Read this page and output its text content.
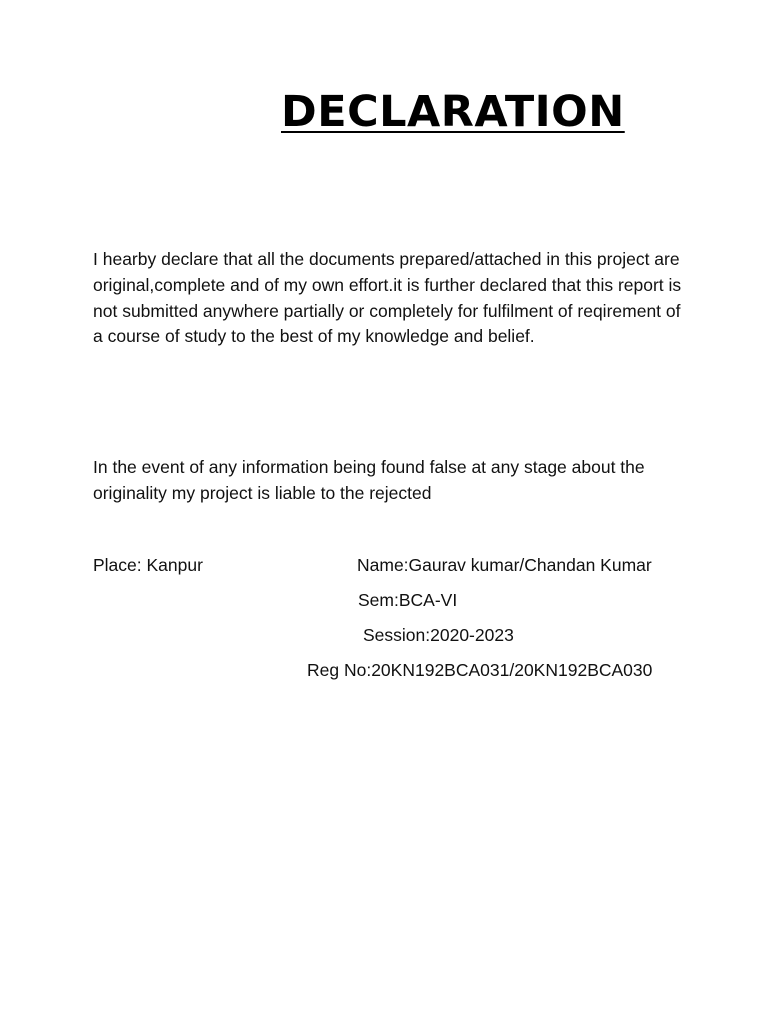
DECLARATION

I hearby declare that all the documents prepared/attached in this project are original,complete and of my own effort.it is further declared that this report is not submitted anywhere partially or completely for fulfilment of reqirement of a course of study to the best of my knowledge and belief.

In the event of any information being found false at any stage about the originality my project is liable to the rejected

Place: Kanpur	Name:Gaurav kumar/Chandan Kumar
Sem:BCA-VI
Session:2020-2023
Reg No:20KN192BCA031/20KN192BCA030
